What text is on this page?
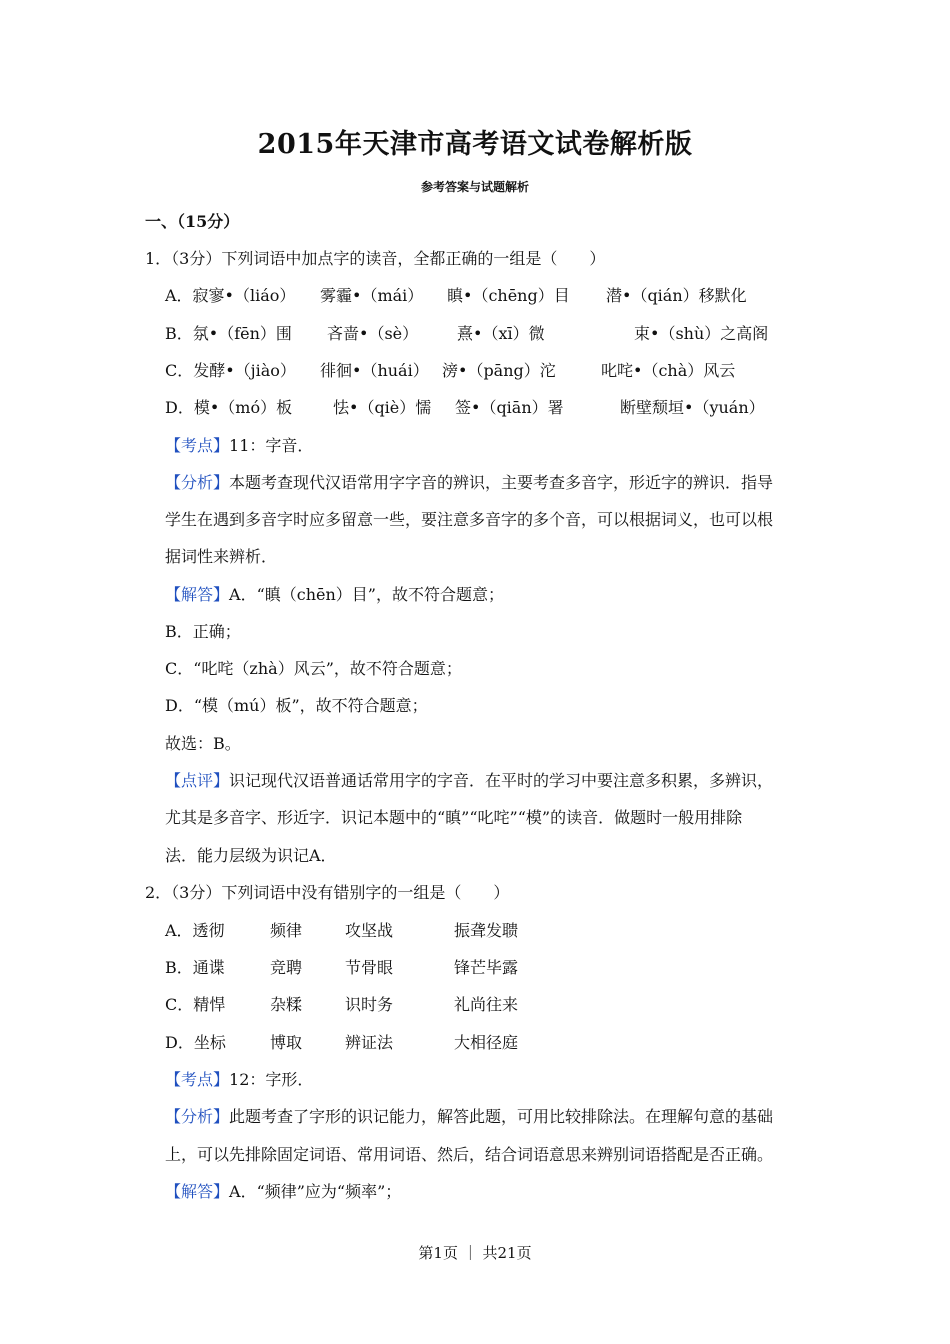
2015年天津市高考语文试卷解析版
参考答案与试题解析
一、（15分）
1．（3分）下列词语中加点字的读音，全都正确的一组是（　　）
A．寂寥•（liáo） 雾霾•（mái） 瞋•（chēng）目 潜•（qián）移默化
B．氛•（fēn）围 吝啬•（sè） 熹•（xī）微	束•（shù）之高阁
C．发酵•（jiào） 徘徊•（huái） 滂•（pāng）沱	叱咤•（chà）风云
D．模•（mó）板	怯•（qiè）懦 签•（qiān）署	断壁颓垣•（yuán）
【考点】11：字音．
【分析】本题考查现代汉语常用字字音的辨识，主要考查多音字，形近字的辨识．指导
学生在遇到多音字时应多留意一些，要注意多音字的多个音，可以根据词义，也可以根
据词性来辨析．
【解答】A．“瞋（chēn）目”，故不符合题意；
B．正确；
C．“叱咤（zhà）风云”，故不符合题意；
D．“模（mú）板”，故不符合题意；
故选：B。
【点评】识记现代汉语普通话常用字的字音．在平时的学习中要注意多积累，多辨识，
尤其是多音字、形近字．识记本题中的“瞋”“叱咤”“模”的读音．做题时一般用排除
法．能力层级为识记A．
2．（3分）下列词语中没有错别字的一组是（　　）
A．透彻	频律	攻坚战	振聋发聩
B．通谍	竞聘	节骨眼	锋芒毕露
C．精悍	杂糅	识时务	礼尚往来
D．坐标	博取	辨证法	大相径庭
【考点】12：字形．
【分析】此题考查了字形的识记能力，解答此题，可用比较排除法。在理解句意的基础
上，可以先排除固定词语、常用词语、然后，结合词语意思来辨别词语搭配是否正确。
【解答】A．“频律”应为“频率”；
第1页 ｜ 共21页
